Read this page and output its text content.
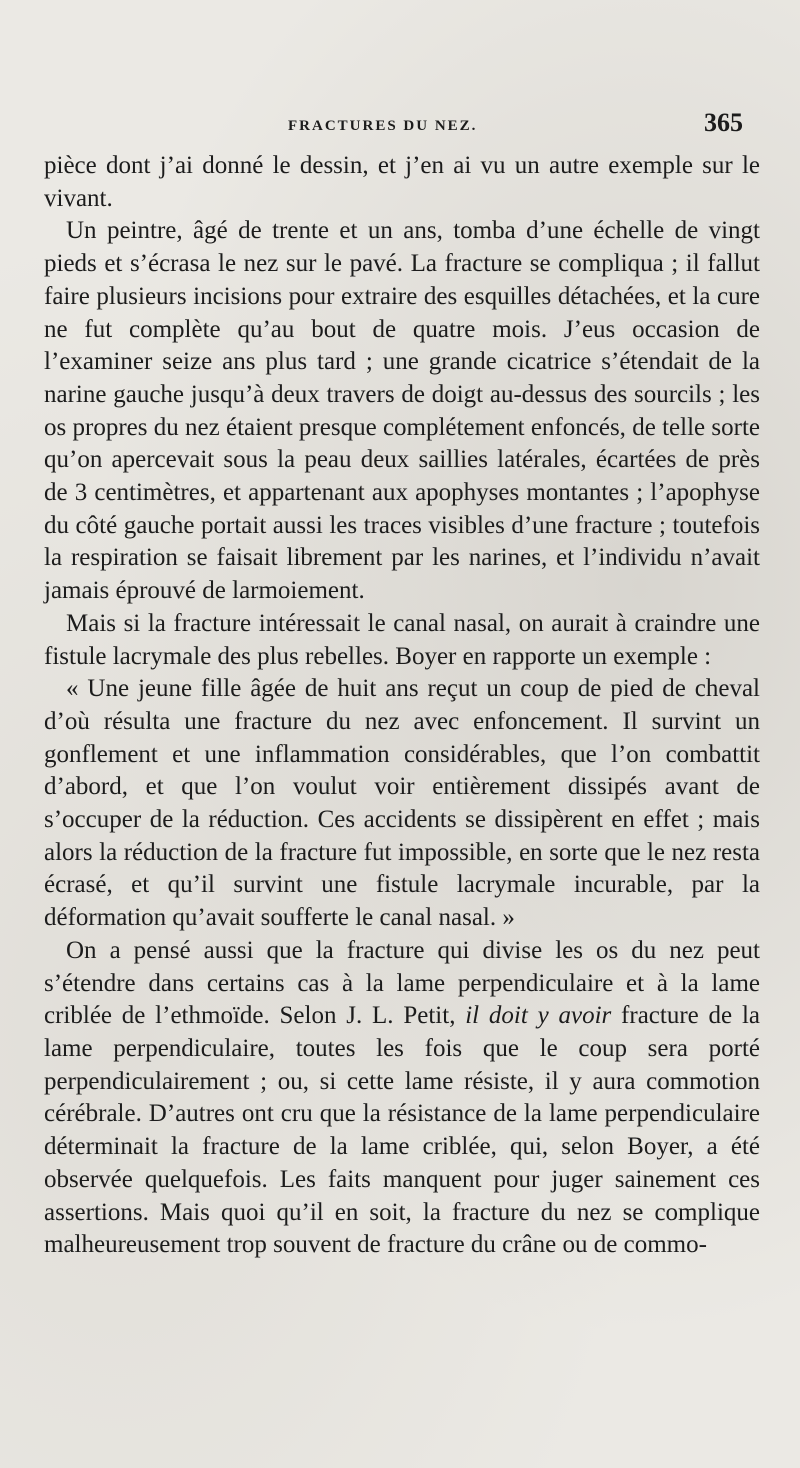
FRACTURES DU NEZ.	365

pièce dont j’ai donné le dessin, et j’en ai vu un autre exemple sur le vivant.

Un peintre, âgé de trente et un ans, tomba d’une échelle de vingt pieds et s’écrasa le nez sur le pavé. La fracture se compliqua ; il fallut faire plusieurs incisions pour extraire des esquilles détachées, et la cure ne fut complète qu’au bout de quatre mois. J’eus occasion de l’examiner seize ans plus tard ; une grande cicatrice s’étendait de la narine gauche jusqu’à deux travers de doigt au-dessus des sourcils ; les os propres du nez étaient presque complétement enfoncés, de telle sorte qu’on apercevait sous la peau deux saillies latérales, écartées de près de 3 centimètres, et appartenant aux apophyses montantes ; l’apophyse du côté gauche portait aussi les traces visibles d’une fracture ; toutefois la respiration se faisait librement par les narines, et l’individu n’avait jamais éprouvé de larmoiement.

Mais si la fracture intéressait le canal nasal, on aurait à craindre une fistule lacrymale des plus rebelles. Boyer en rapporte un exemple :

« Une jeune fille âgée de huit ans reçut un coup de pied de cheval d’où résulta une fracture du nez avec enfoncement. Il survint un gonflement et une inflammation considérables, que l’on combattit d’abord, et que l’on voulut voir entièrement dissipés avant de s’occuper de la réduction. Ces accidents se dissipèrent en effet ; mais alors la réduction de la fracture fut impossible, en sorte que le nez resta écrasé, et qu’il survint une fistule lacrymale incurable, par la déformation qu’avait soufferte le canal nasal. »

On a pensé aussi que la fracture qui divise les os du nez peut s’étendre dans certains cas à la lame perpendiculaire et à la lame criblée de l’ethmoïde. Selon J. L. Petit, il doit y avoir fracture de la lame perpendiculaire, toutes les fois que le coup sera porté perpendiculairement ; ou, si cette lame résiste, il y aura commotion cérébrale. D’autres ont cru que la résistance de la lame perpendiculaire déterminait la fracture de la lame criblée, qui, selon Boyer, a été observée quelquefois. Les faits manquent pour juger sainement ces assertions. Mais quoi qu’il en soit, la fracture du nez se complique malheureusement trop souvent de fracture du crâne ou de commo-
